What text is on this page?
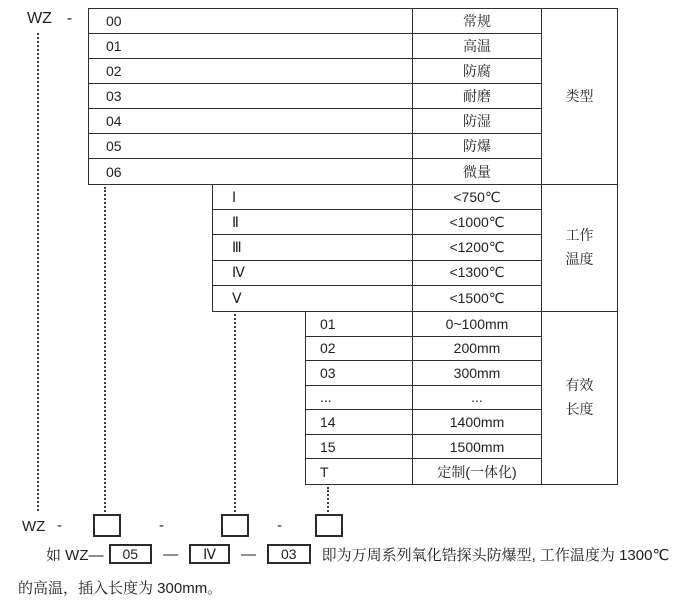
WZ -
类型
00	常规
01	高温
02	防腐
03	耐磨
04	防湿
05	防爆
06	微量
工作温度
Ⅰ	<750℃
Ⅱ	<1000℃
Ⅲ	<1200℃
Ⅳ	<1300℃
Ⅴ	<1500℃
有效长度
01	0~100mm
02	200mm
03	300mm
...	...
14	1400mm
15	1500mm
T	定制(一体化)
WZ -	-	-
如 WZ—	05	—	Ⅳ	—	03	即为万周系列氧化锆探头防爆型, 工作温度为 1300℃
的高温，插入长度为 300mm。
